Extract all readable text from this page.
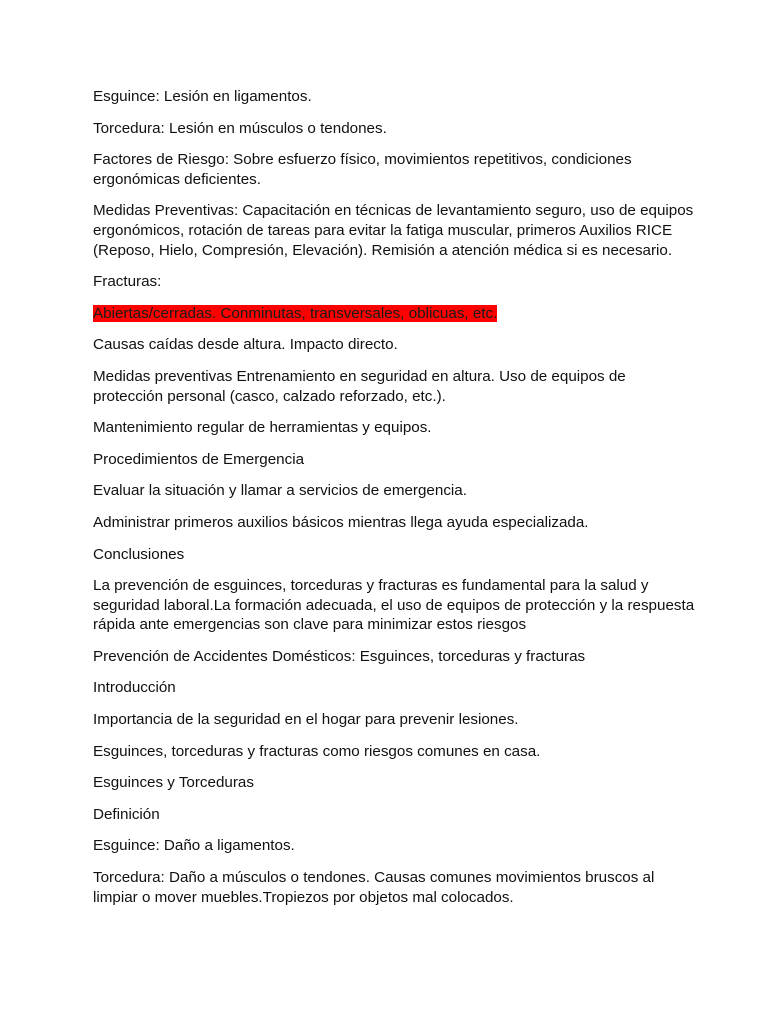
Esguince: Lesión en ligamentos.

Torcedura: Lesión en músculos o tendones.

Factores de Riesgo: Sobre esfuerzo físico, movimientos repetitivos, condiciones ergonómicas deficientes.

Medidas Preventivas: Capacitación en técnicas de levantamiento seguro, uso de equipos ergonómicos, rotación de tareas para evitar la fatiga muscular, primeros Auxilios RICE (Reposo, Hielo, Compresión, Elevación). Remisión a atención médica si es necesario.

Fracturas:

Abiertas/cerradas. Conminutas, transversales, oblicuas, etc.

Causas caídas desde altura. Impacto directo.

Medidas preventivas Entrenamiento en seguridad en altura. Uso de equipos de protección personal (casco, calzado reforzado, etc.).

Mantenimiento regular de herramientas y equipos.

Procedimientos de Emergencia

Evaluar la situación y llamar a servicios de emergencia.

Administrar primeros auxilios básicos mientras llega ayuda especializada.

Conclusiones

La prevención de esguinces, torceduras y fracturas es fundamental para la salud y seguridad laboral.La formación adecuada, el uso de equipos de protección y la respuesta rápida ante emergencias son clave para minimizar estos riesgos

Prevención de Accidentes Domésticos: Esguinces, torceduras y fracturas

Introducción

Importancia de la seguridad en el hogar para prevenir lesiones.

Esguinces, torceduras y fracturas como riesgos comunes en casa.

Esguinces y Torceduras

Definición

Esguince: Daño a ligamentos.

Torcedura: Daño a músculos o tendones. Causas comunes movimientos bruscos al limpiar o mover muebles.Tropiezos por objetos mal colocados.
